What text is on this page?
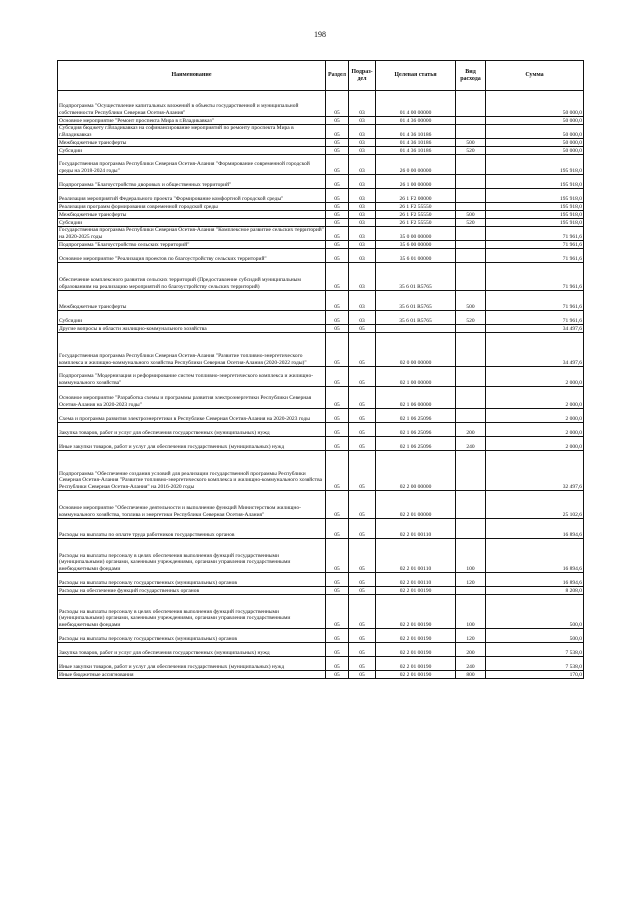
198
Наименование	Раздел	Подраз-дел	Целевая статья	Вид расхода	Сумма
Подпрограмма "Осуществление капитальных вложений в объекты государственной и муниципальной собственности Республики Северная Осетия-Алания"	05	03	01 4 00 00000		50 000,0
Основное мероприятие "Ремонт проспекта Мира в г.Владикавказ"	05	03	01 4 36 00000		50 000,0
Субсидия бюджету г.Владикавказ на софинансирование мероприятий по ремонту проспекта Мира в г.Владикавказ	05	03	01 4 36 10186		50 000,0
Межбюджетные трансферты	05	03	01 4 36 10186	500	50 000,0
Субсидии	05	03	01 4 36 10186	520	50 000,0
Государственная программа Республики Северная Осетия-Алания "Формирование современной городской среды на 2018-2024 годы"	05	03	26 0 00 00000		195 918,0
Подпрограмма "Благоустройство дворовых и общественных территорий"	05	03	26 1 00 00000		195 918,0
Реализация мероприятий Федерального проекта "Формирование комфортной городской среды"	05	03	26 1 F2 00000		195 918,0
Реализация программ формирования современной городской среды	05	03	26 1 F2 55550		195 918,0
Межбюджетные трансферты	05	03	26 1 F2 55550	500	195 918,0
Субсидии	05	03	26 1 F2 55550	520	195 918,0
Государственная программа Республики Северная Осетия-Алания "Комплексное развитие сельских территорий" на 2020-2025 годы	05	03	35 0 00 00000		71 961,6
Подпрограмма "Благоустройство сельских территорий"	05	03	35 6 00 00000		71 961,6
Основное мероприятие "Реализация проектов по благоустройству сельских территорий"	05	03	35 6 01 00000		71 961,6
Обеспечение комплексного развития сельских территорий (Предоставление субсидий муниципальным образованиям на реализацию мероприятий по благоустройству сельских территорий)	05	03	35 6 01 R5765		71 961,6
Межбюджетные трансферты	05	03	35 6 01 R5765	500	71 961,6
Субсидии	05	03	35 6 01 R5765	520	71 961,6
Другие вопросы в области жилищно-коммунального хозяйства	05	05			34 497,6
Государственная программа Республики Северная Осетия-Алания "Развитие топливно-энергетического комплекса и жилищно-коммунального хозяйства Республики Северная Осетия-Алания (2020-2022 годы)"	05	05	02 0 00 00000		34 497,6
Подпрограмма "Модернизация и реформирование систем топливно-энергетического комплекса и жилищно-коммунального хозяйства"	05	05	02 1 00 00000		2 000,0
Основное мероприятие "Разработка схемы и программы развития электроэнергетики Республики Северная Осетия-Алания на 2020-2023 годы"	05	05	02 1 06 00000		2 000,0
Схема и программа развития электроэнергетики в Республике Северная Осетия-Алания на 2020-2023 годы	05	05	02 1 06 25096		2 000,0
Закупка товаров, работ и услуг для обеспечения государственных (муниципальных) нужд	05	05	02 1 06 25096	200	2 000,0
Иные закупки товаров, работ и услуг для обеспечения государственных (муниципальных) нужд	05	05	02 1 06 25096	240	2 000,0
Подпрограмма "Обеспечение создания условий для реализации государственной программы Республики Северная Осетия-Алания "Развитие топливно-энергетического комплекса и жилищно-коммунального хозяйства Республики Северная Осетия-Алания" на 2016-2020 годы	05	05	02 2 00 00000		32 497,6
Основное мероприятие "Обеспечение деятельности и выполнение функций Министерством жилищно-коммунального хозяйства, топлива и энергетики Республики Северная Осетия-Алания"	05	05	02 2 01 00000		25 102,6
Расходы на выплаты по оплате труда работников государственных органов	05	05	02 2 01 00110		16 894,6
Расходы на выплаты персоналу в целях обеспечения выполнения функций государственными (муниципальными) органами, казенными учреждениями, органами управления государственными внебюджетными фондами	05	05	02 2 01 00110	100	16 894,6
Расходы на выплаты персоналу государственных (муниципальных) органов	05	05	02 2 01 00110	120	16 894,6
Расходы на обеспечение функций государственных органов	05	05	02 2 01 00190		8 208,0
Расходы на выплаты персоналу в целях обеспечения выполнения функций государственными (муниципальными) органами, казенными учреждениями, органами управления государственными внебюджетными фондами	05	05	02 2 01 00190	100	500,0
Расходы на выплаты персоналу государственных (муниципальных) органов	05	05	02 2 01 00190	120	500,0
Закупка товаров, работ и услуг для обеспечения государственных (муниципальных) нужд	05	05	02 2 01 00190	200	7 538,0
Иные закупки товаров, работ и услуг для обеспечения государственных (муниципальных) нужд	05	05	02 2 01 00190	240	7 538,0
Иные бюджетные ассигнования	05	05	02 2 01 00190	800	170,0
